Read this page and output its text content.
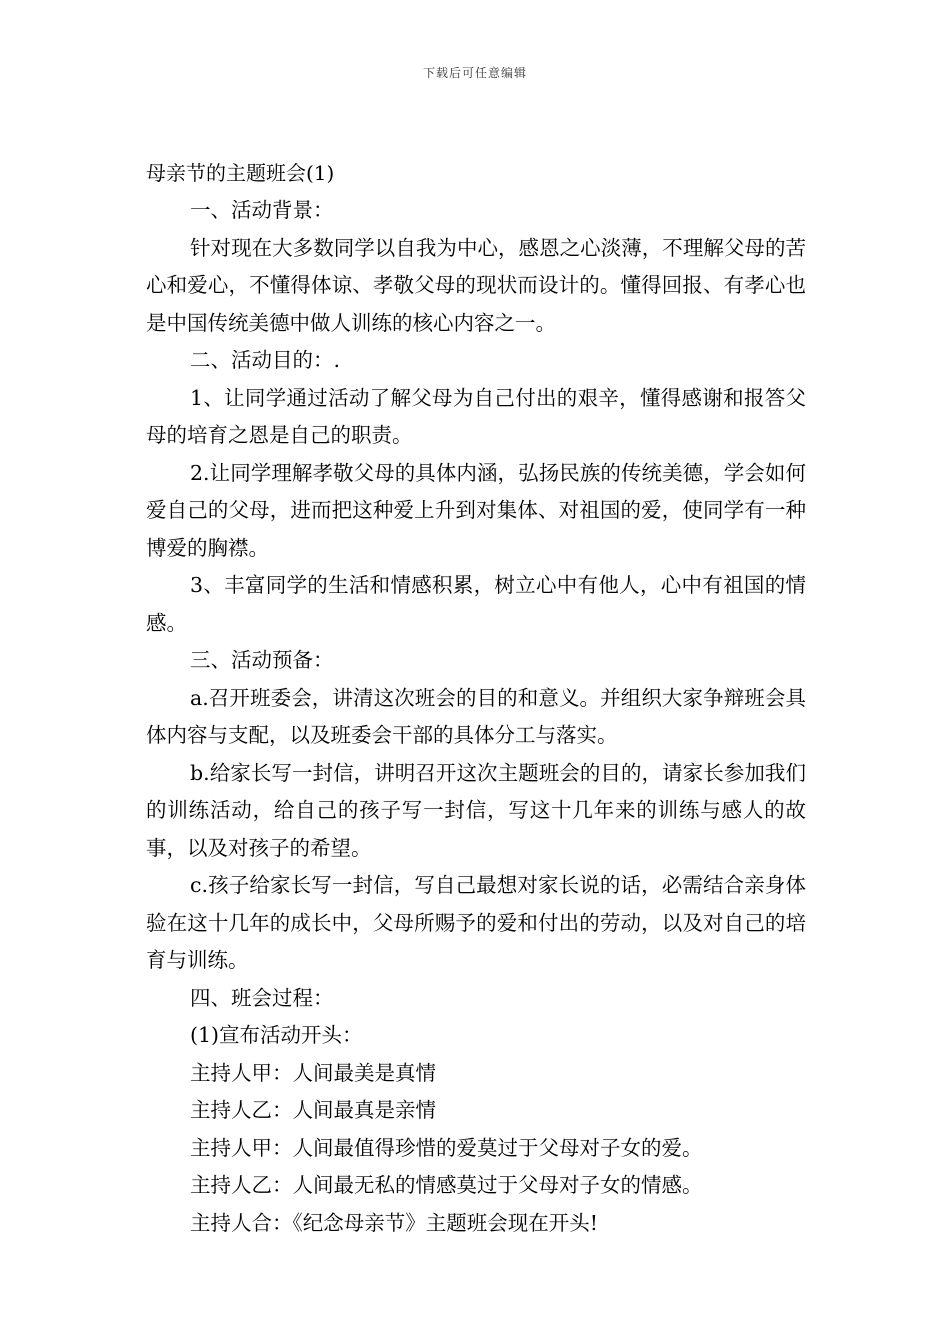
下载后可任意编辑
母亲节的主题班会(1)

一、活动背景：

针对现在大多数同学以自我为中心，感恩之心淡薄，不理解父母的苦心和爱心，不懂得体谅、孝敬父母的现状而设计的。懂得回报、有孝心也是中国传统美德中做人训练的核心内容之一。

二、活动目的：.

1、让同学通过活动了解父母为自己付出的艰辛，懂得感谢和报答父母的培育之恩是自己的职责。

2.让同学理解孝敬父母的具体内涵，弘扬民族的传统美德，学会如何爱自己的父母，进而把这种爱上升到对集体、对祖国的爱，使同学有一种博爱的胸襟。

3、丰富同学的生活和情感积累，树立心中有他人，心中有祖国的情感。

三、活动预备：

a.召开班委会，讲清这次班会的目的和意义。并组织大家争辩班会具体内容与支配，以及班委会干部的具体分工与落实。

b.给家长写一封信，讲明召开这次主题班会的目的，请家长参加我们的训练活动，给自己的孩子写一封信，写这十几年来的训练与感人的故事，以及对孩子的希望。

c.孩子给家长写一封信，写自己最想对家长说的话，必需结合亲身体验在这十几年的成长中，父母所赐予的爱和付出的劳动，以及对自己的培育与训练。

四、班会过程：

(1)宣布活动开头：

主持人甲：人间最美是真情

主持人乙：人间最真是亲情

主持人甲：人间最值得珍惜的爱莫过于父母对子女的爱。

主持人乙：人间最无私的情感莫过于父母对子女的情感。

主持人合：《纪念母亲节》主题班会现在开头!
